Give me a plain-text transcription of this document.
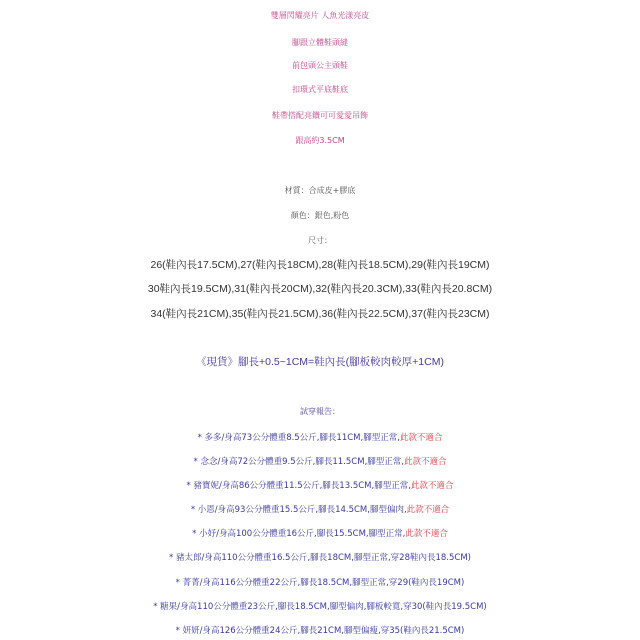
雙層閃耀亮片 人魚光漾亮皮
腳跟立體鞋頭縫
前包頭公主頭鞋
扣環式平底鞋底
鞋帶搭配亮鑽可可愛愛吊飾
跟高約3.5CM
材質：合成皮+膠底
顏色：銀色,粉色
尺寸：
26(鞋內長17.5CM),27(鞋內長18CM),28(鞋內長18.5CM),29(鞋內長19CM)
30鞋內長19.5CM),31(鞋內長20CM),32(鞋內長20.3CM),33(鞋內長20.8CM)
34(鞋內長21CM),35(鞋內長21.5CM),36(鞋內長22.5CM),37(鞋內長23CM)
《現貨》腳長+0.5~1CM=鞋內長(腳板較肉較厚+1CM)
試穿報告：
* 多多/身高73公分體重8.5公斤,腳長11CM,腳型正常,此款不適合
* 念念/身高72公分體重9.5公斤,腳長11.5CM,腳型正常,此款不適合
* 豬寶妮/身高86公分體重11.5公斤,腳長13.5CM,腳型正常,此款不適合
* 小恩/身高93公分體重15.5公斤,腳長14.5CM,腳型偏肉,此款不適合
* 小妤/身高100公分體重16公斤,腳長15.5CM,腳型正常,此款不適合
* 豬太郎/身高110公分體重16.5公斤,腳長18CM,腳型正常,穿28鞋內長18.5CM)
* 菁菁/身高116公分體重22公斤,腳長18.5CM,腳型正常,穿29(鞋內長19CM)
* 糖果/身高110公分體重23公斤,腳長18.5CM,腳型偏肉,腳板較寬,穿30(鞋內長19.5CM)
* 妍妍/身高126公分體重24公斤,腳長21CM,腳型偏瘦,穿35(鞋內長21.5CM)
